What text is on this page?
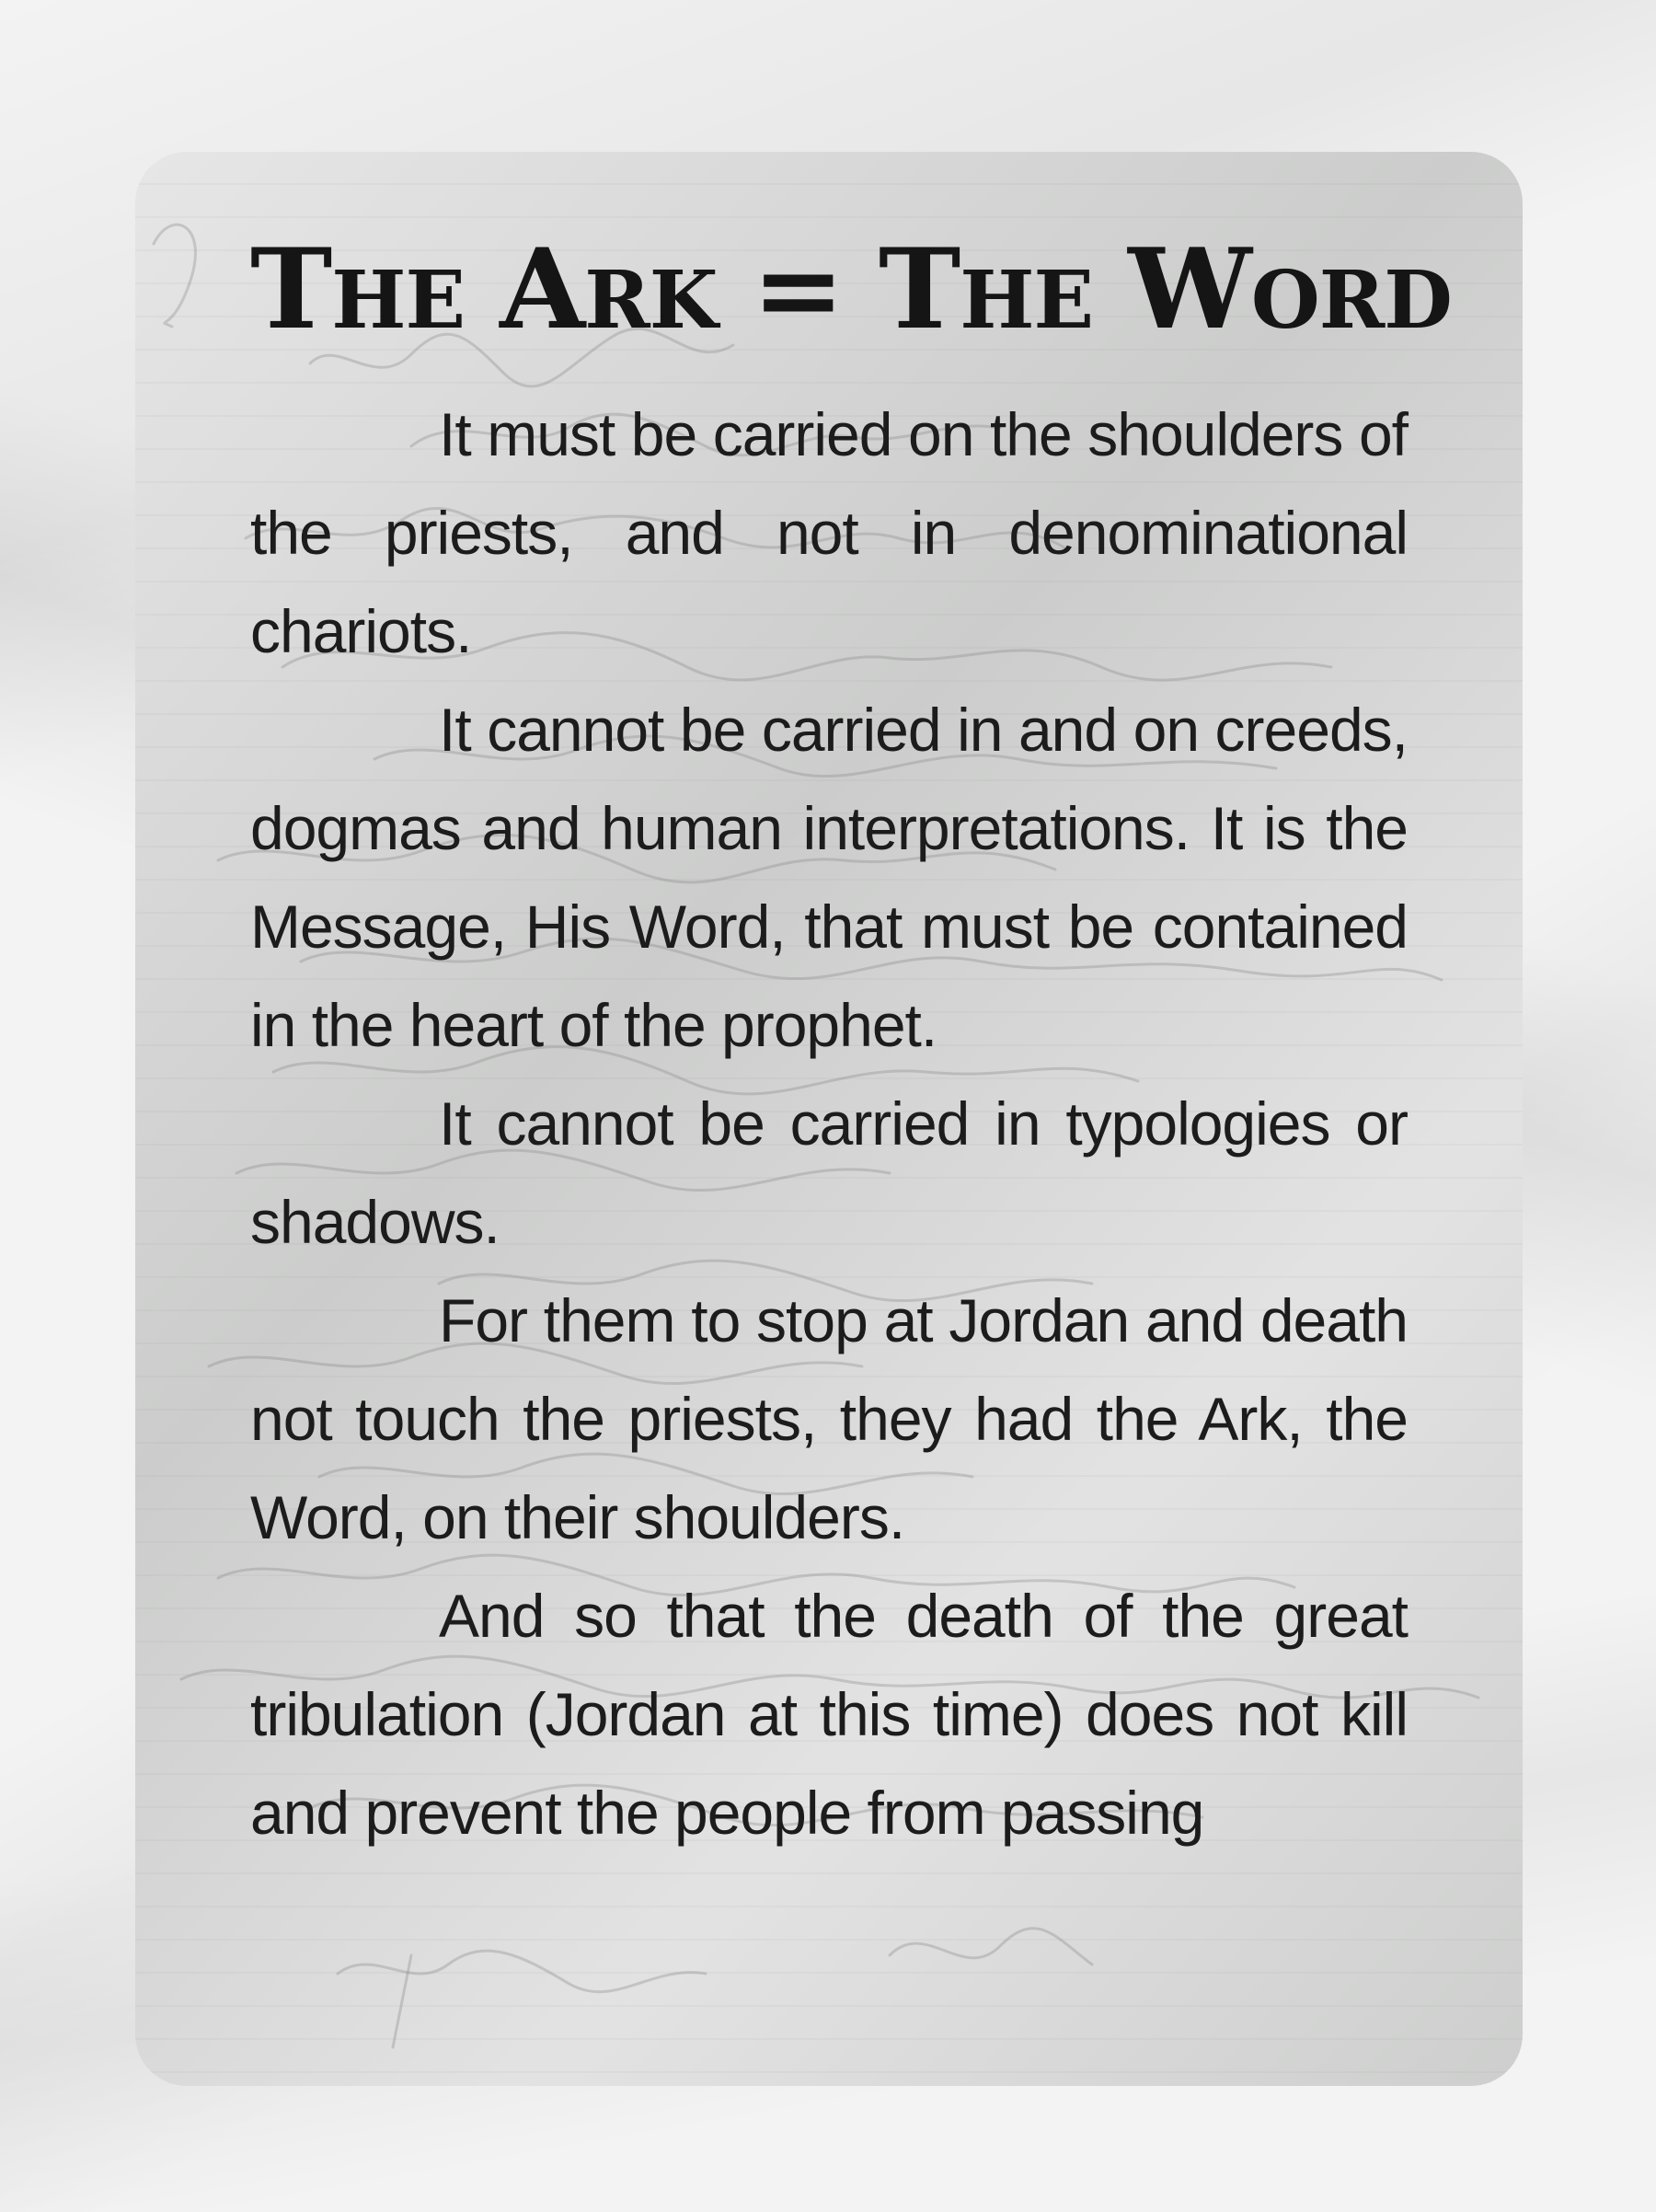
THE ARK = THE WORD

It must be carried on the shoulders of the priests, and not in denominational chariots.

It cannot be carried in and on creeds, dogmas and human interpretations. It is the Message, His Word, that must be contained in the heart of the prophet.

It cannot be carried in typologies or shadows.

For them to stop at Jordan and death not touch the priests, they had the Ark, the Word, on their shoulders.

And so that the death of the great tribulation (Jordan at this time) does not kill and prevent the people from passing
